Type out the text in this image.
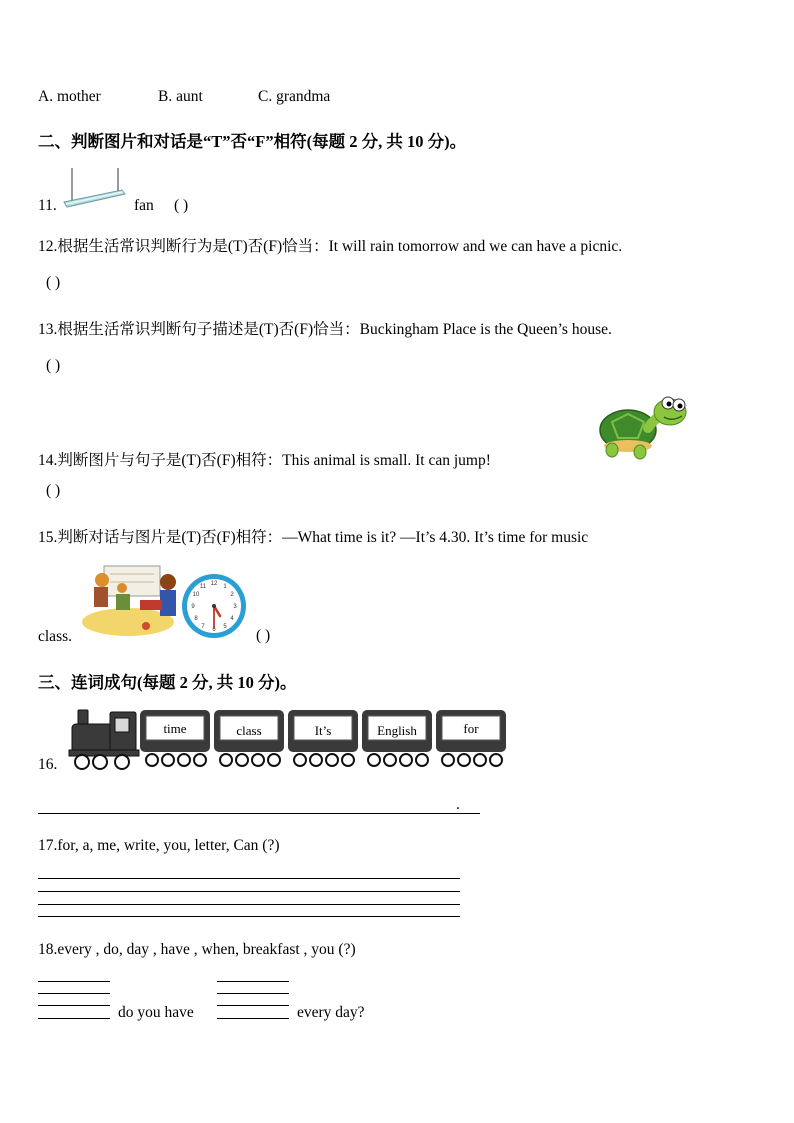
A. mother	B. aunt	C. grandma
二、判断图片和对话是“T”否“F”相符(每题 2 分, 共 10 分)。
11.	fan ( )
12.根据生活常识判断行为是(T)否(F)恰当：It will rain tomorrow and we can have a picnic.
( )
13.根据生活常识判断句子描述是(T)否(F)恰当：Buckingham Place is the Queen’s house.
( )
14.判断图片与句子是(T)否(F)相符：This animal is small. It can jump!
( )
15.判断对话与图片是(T)否(F)相符：—What time is it? —It’s 4.30. It’s time for music
12 1
2
3
4
5
6
7
8
9
10
11
class.	( )
三、连词成句(每题 2 分, 共 10 分)。
16.
time	class	It’s	English	for
.
17.for, a, me, write, you, letter, Can (?)
18.every , do, day , have , when, breakfast , you (?)
do you have	every day?
